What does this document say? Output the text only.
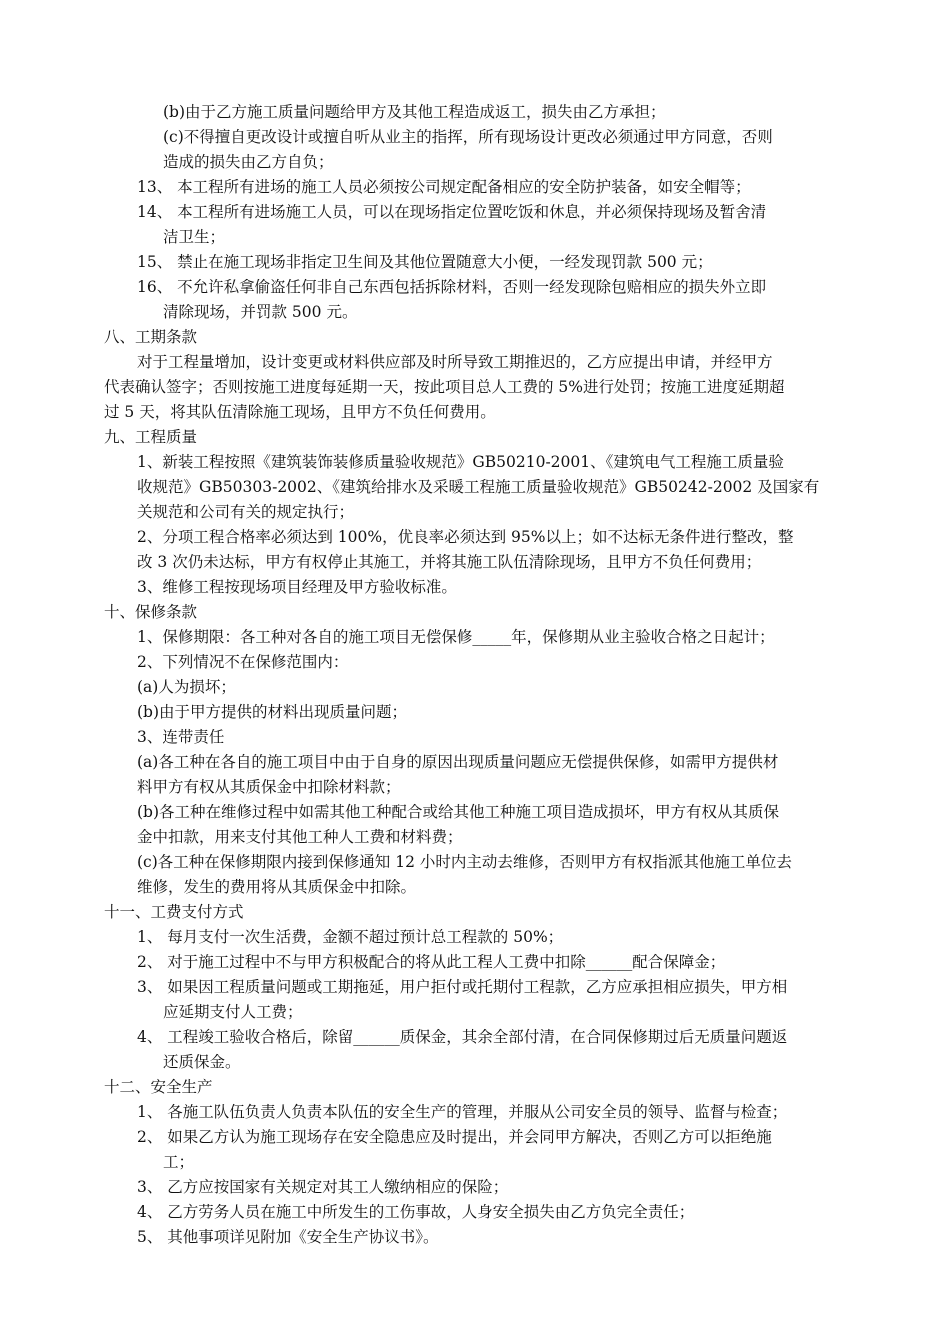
(b)由于乙方施工质量问题给甲方及其他工程造成返工，损失由乙方承担；
(c)不得擅自更改设计或擅自听从业主的指挥，所有现场设计更改必须通过甲方同意，否则
造成的损失由乙方自负；
13、 本工程所有进场的施工人员必须按公司规定配备相应的安全防护装备，如安全帽等；
14、 本工程所有进场施工人员，可以在现场指定位置吃饭和休息，并必须保持现场及暂舍清
洁卫生；
15、 禁止在施工现场非指定卫生间及其他位置随意大小便，一经发现罚款 500 元；
16、 不允许私拿偷盗任何非自己东西包括拆除材料，否则一经发现除包赔相应的损失外立即
清除现场，并罚款 500 元。
八、工期条款
对于工程量增加，设计变更或材料供应部及时所导致工期推迟的，乙方应提出申请，并经甲方
代表确认签字；否则按施工进度每延期一天，按此项目总人工费的 5%进行处罚；按施工进度延期超
过 5 天，将其队伍清除施工现场，且甲方不负任何费用。
九、工程质量
1、新装工程按照《建筑装饰装修质量验收规范》GB50210-2001、《建筑电气工程施工质量验
收规范》GB50303-2002、《建筑给排水及采暖工程施工质量验收规范》GB50242-2002 及国家有
关规范和公司有关的规定执行；
2、分项工程合格率必须达到 100%，优良率必须达到 95%以上；如不达标无条件进行整改，整
改 3 次仍未达标，甲方有权停止其施工，并将其施工队伍清除现场，且甲方不负任何费用；
3、维修工程按现场项目经理及甲方验收标准。
十、保修条款
1、保修期限：各工种对各自的施工项目无偿保修_____年，保修期从业主验收合格之日起计；
2、下列情况不在保修范围内：
(a)人为损坏；
(b)由于甲方提供的材料出现质量问题；
3、连带责任
(a)各工种在各自的施工项目中由于自身的原因出现质量问题应无偿提供保修，如需甲方提供材
料甲方有权从其质保金中扣除材料款；
(b)各工种在维修过程中如需其他工种配合或给其他工种施工项目造成损坏，甲方有权从其质保
金中扣款，用来支付其他工种人工费和材料费；
(c)各工种在保修期限内接到保修通知 12 小时内主动去维修，否则甲方有权指派其他施工单位去
维修，发生的费用将从其质保金中扣除。
十一、工费支付方式
1、 每月支付一次生活费，金额不超过预计总工程款的 50%；
2、 对于施工过程中不与甲方积极配合的将从此工程人工费中扣除______配合保障金；
3、 如果因工程质量问题或工期拖延，用户拒付或托期付工程款，乙方应承担相应损失，甲方相
应延期支付人工费；
4、 工程竣工验收合格后，除留______质保金，其余全部付清，在合同保修期过后无质量问题返
还质保金。
十二、安全生产
1、 各施工队伍负责人负责本队伍的安全生产的管理，并服从公司安全员的领导、监督与检查；
2、 如果乙方认为施工现场存在安全隐患应及时提出，并会同甲方解决，否则乙方可以拒绝施
工；
3、 乙方应按国家有关规定对其工人缴纳相应的保险；
4、 乙方劳务人员在施工中所发生的工伤事故，人身安全损失由乙方负完全责任；
5、 其他事项详见附加《安全生产协议书》。
